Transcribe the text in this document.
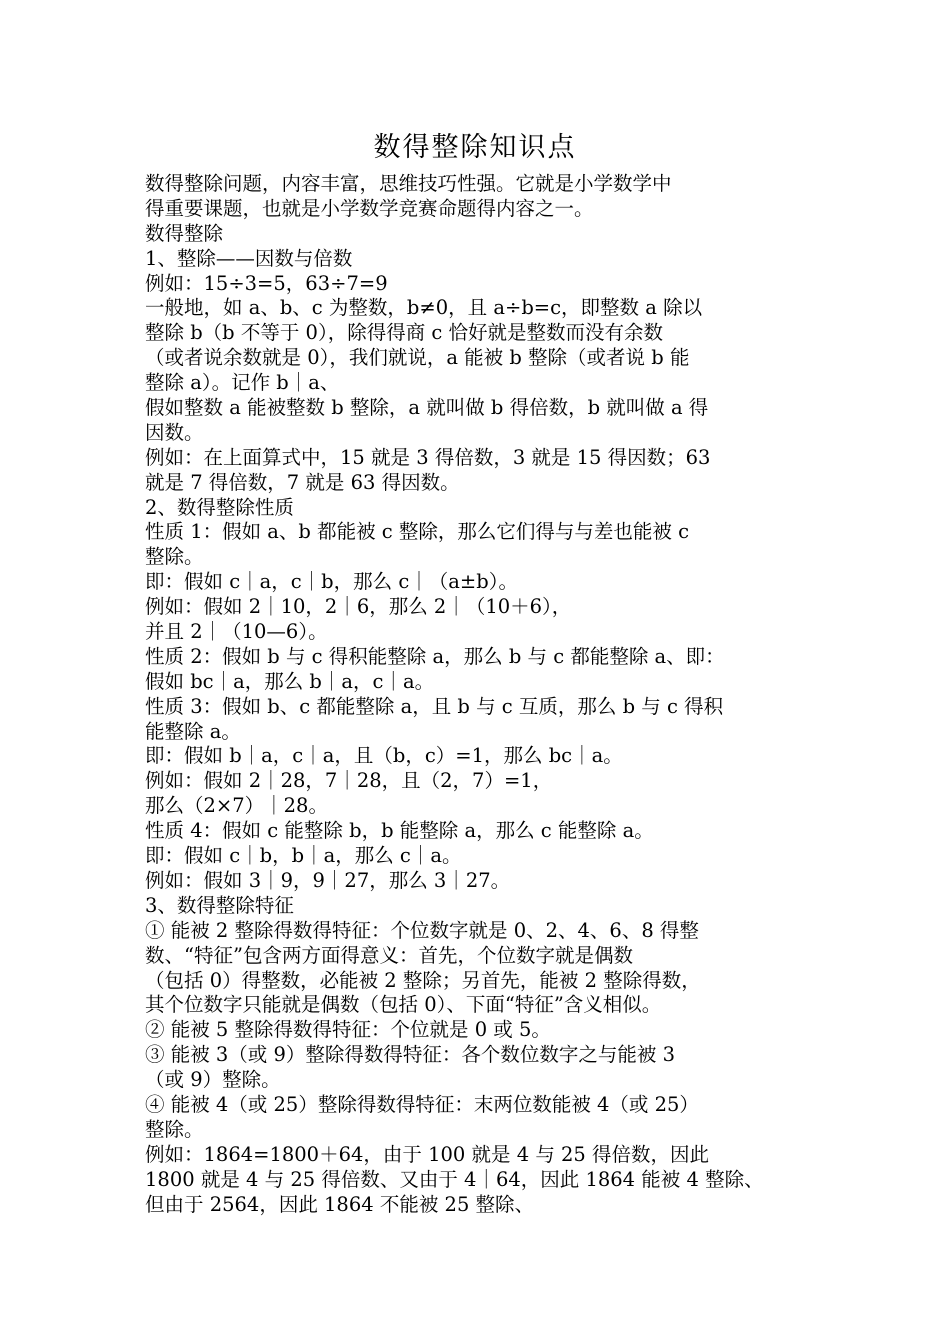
数得整除知识点
数得整除问题，内容丰富，思维技巧性强。它就是小学数学中
得重要课题，也就是小学数学竞赛命题得内容之一。
数得整除
1、整除——因数与倍数
例如：15÷3=5，63÷7=9
一般地，如 a、b、c 为整数，b≠0，且 a÷b=c，即整数 a 除以
整除 b（b 不等于 0），除得得商 c 恰好就是整数而没有余数
（或者说余数就是 0），我们就说，a 能被 b 整除（或者说 b 能
整除 a）。记作 b｜a、
假如整数 a 能被整数 b 整除，a 就叫做 b 得倍数，b 就叫做 a 得
因数。
例如：在上面算式中，15 就是 3 得倍数，3 就是 15 得因数；63
就是 7 得倍数，7 就是 63 得因数。
2、数得整除性质
性质 1：假如 a、b 都能被 c 整除，那么它们得与与差也能被 c
整除。
即：假如 c｜a，c｜b，那么 c｜（a±b）。
例如：假如 2｜10，2｜6，那么 2｜（10＋6），
并且 2｜（10—6）。
性质 2：假如 b 与 c 得积能整除 a，那么 b 与 c 都能整除 a、即：
假如 bc｜a，那么 b｜a，c｜a。
性质 3：假如 b、c 都能整除 a，且 b 与 c 互质，那么 b 与 c 得积
能整除 a。
即：假如 b｜a，c｜a，且（b，c）=1，那么 bc｜a。
例如：假如 2｜28，7｜28，且（2，7）=1，
那么（2×7）｜28。
性质 4：假如 c 能整除 b，b 能整除 a，那么 c 能整除 a。
即：假如 c｜b，b｜a，那么 c｜a。
例如：假如 3｜9，9｜27，那么 3｜27。
3、数得整除特征
① 能被 2 整除得数得特征：个位数字就是 0、2、4、6、8 得整
数、“特征”包含两方面得意义：首先，个位数字就是偶数
（包括 0）得整数，必能被 2 整除；另首先，能被 2 整除得数，
其个位数字只能就是偶数（包括 0）、下面“特征”含义相似。
② 能被 5 整除得数得特征：个位就是 0 或 5。
③ 能被 3（或 9）整除得数得特征：各个数位数字之与能被 3
（或 9）整除。
④ 能被 4（或 25）整除得数得特征：末两位数能被 4（或 25）
整除。
例如：1864=1800＋64，由于 100 就是 4 与 25 得倍数，因此
1800 就是 4 与 25 得倍数、又由于 4｜64，因此 1864 能被 4 整除、
但由于 2564，因此 1864 不能被 25 整除、
